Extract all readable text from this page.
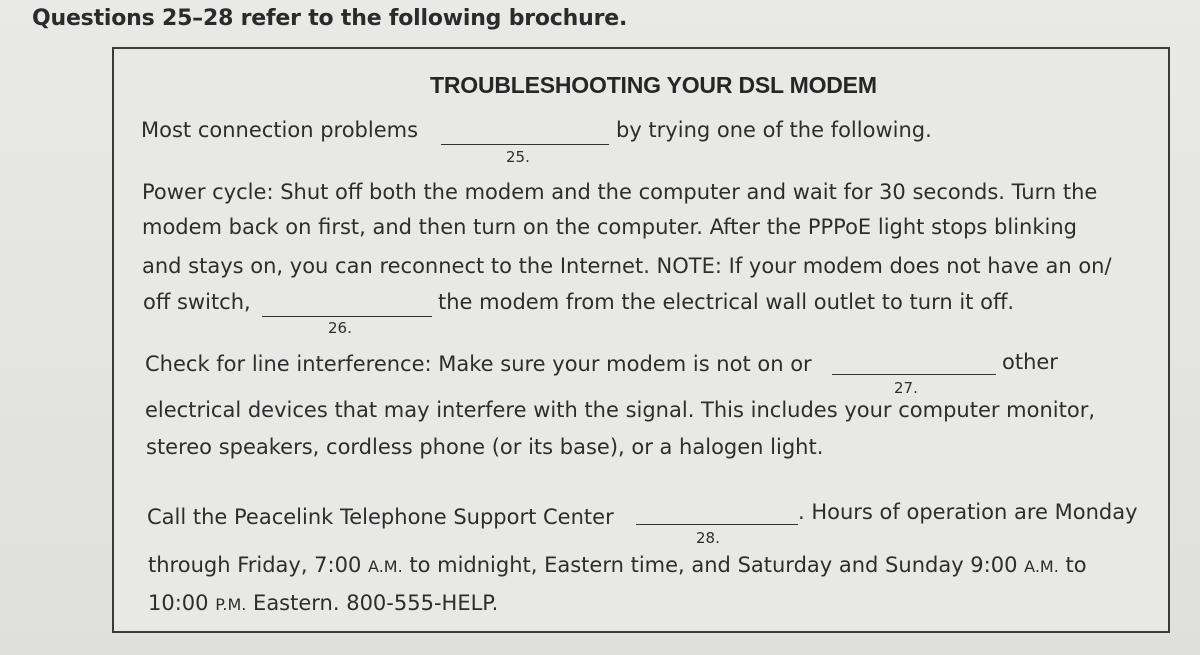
Questions 25–28 refer to the following brochure.
TROUBLESHOOTING YOUR DSL MODEM
Most connection problems	by trying one of the following.
25.
Power cycle: Shut off both the modem and the computer and wait for 30 seconds. Turn the
modem back on first, and then turn on the computer. After the PPPoE light stops blinking
and stays on, you can reconnect to the Internet. NOTE: If your modem does not have an on/
off switch,	the modem from the electrical wall outlet to turn it off.
26.
Check for line interference: Make sure your modem is not on or	other
27.
electrical devices that may interfere with the signal. This includes your computer monitor,
stereo speakers, cordless phone (or its base), or a halogen light.
Call the Peacelink Telephone Support Center	. Hours of operation are Monday
28.
through Friday, 7:00 A.M. to midnight, Eastern time, and Saturday and Sunday 9:00 A.M. to
10:00 P.M. Eastern. 800-555-HELP.
